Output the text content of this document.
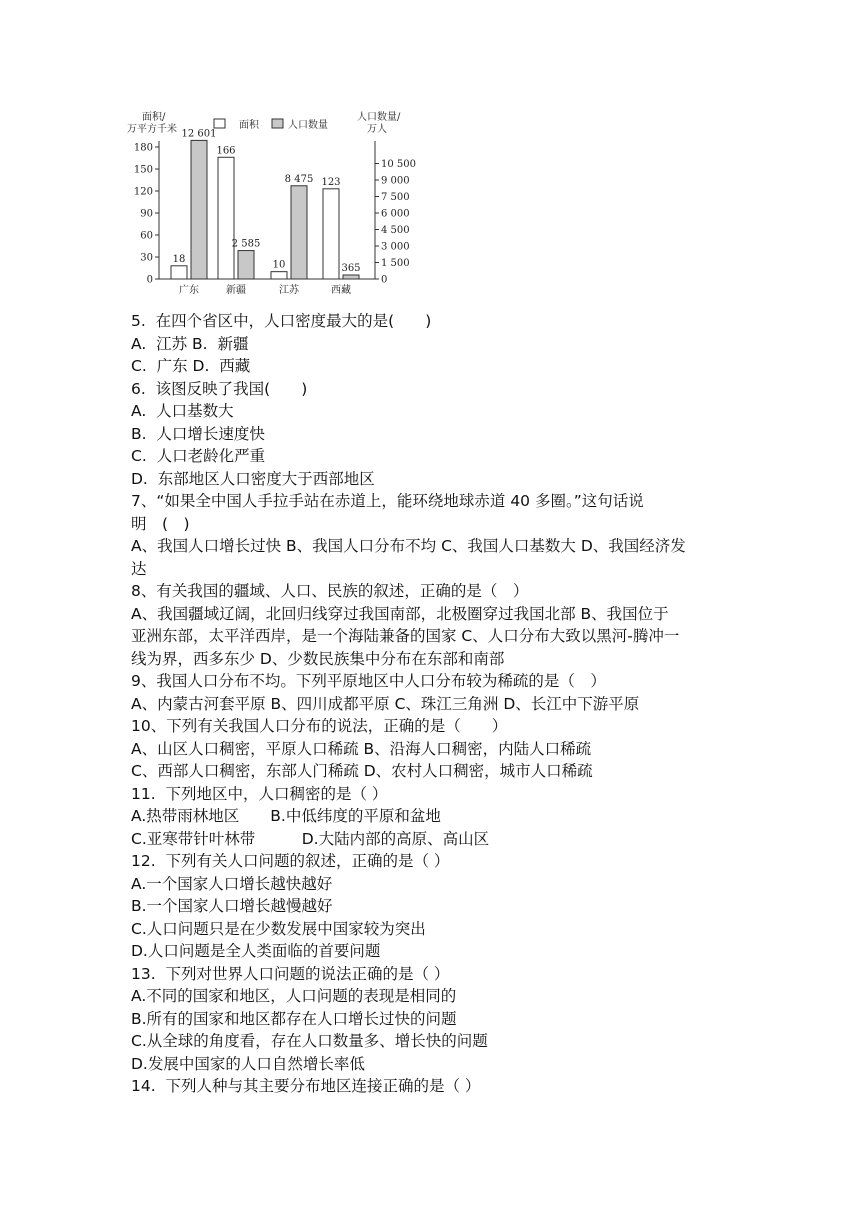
0
30
60
90
120
150
180
0
1 500
3 000
4 500
6 000
7 500
9 000
10 500
广东	新疆	江苏	西藏
面积	人口数量
面积/
万平方千米
人口数量/
万人
18
12 601
166
2 585
10
8 475 123
365

5.  在四个省区中，人口密度最大的是(　　)

A.  江苏 B.  新疆

C.  广东 D.  西藏

6.  该图反映了我国(　　)

A.  人口基数大

B.  人口增长速度快

C.  人口老龄化严重

D.  东部地区人口密度大于西部地区

7、“如果全中国人手拉手站在赤道上，能环绕地球赤道 40 多圈。”这句话说

明　(　)

A、我国人口增长过快 B、我国人口分布不均 C、我国人口基数大 D、我国经济发

达

8、有关我国的疆域、人口、民族的叙述，正确的是（　）

A、我国疆域辽阔，北回归线穿过我国南部，北极圈穿过我国北部 B、我国位于

亚洲东部，太平洋西岸，是一个海陆兼备的国家 C、人口分布大致以黑河-腾冲一

线为界，西多东少 D、少数民族集中分布在东部和南部

9、我国人口分布不均。下列平原地区中人口分布较为稀疏的是（　）

A、内蒙古河套平原 B、四川成都平原 C、珠江三角洲 D、长江中下游平原

10、下列有关我国人口分布的说法，正确的是（　　）

A、山区人口稠密，平原人口稀疏 B、沿海人口稠密，内陆人口稀疏

C、西部人口稠密，东部人门稀疏 D、农村人口稠密，城市人口稀疏

11.  下列地区中，人口稠密的是（ ）

A.热带雨林地区　　B.中低纬度的平原和盆地

C.亚寒带针叶林带　　　D.大陆内部的高原、高山区

12.  下列有关人口问题的叙述，正确的是（ ）

A.一个国家人口增长越快越好

B.一个国家人口增长越慢越好

C.人口问题只是在少数发展中国家较为突出

D.人口问题是全人类面临的首要问题

13.  下列对世界人口问题的说法正确的是（ ）

A.不同的国家和地区，人口问题的表现是相同的

B.所有的国家和地区都存在人口增长过快的问题

C.从全球的角度看，存在人口数量多、增长快的问题

D.发展中国家的人口自然增长率低

14.  下列人种与其主要分布地区连接正确的是（ ）
